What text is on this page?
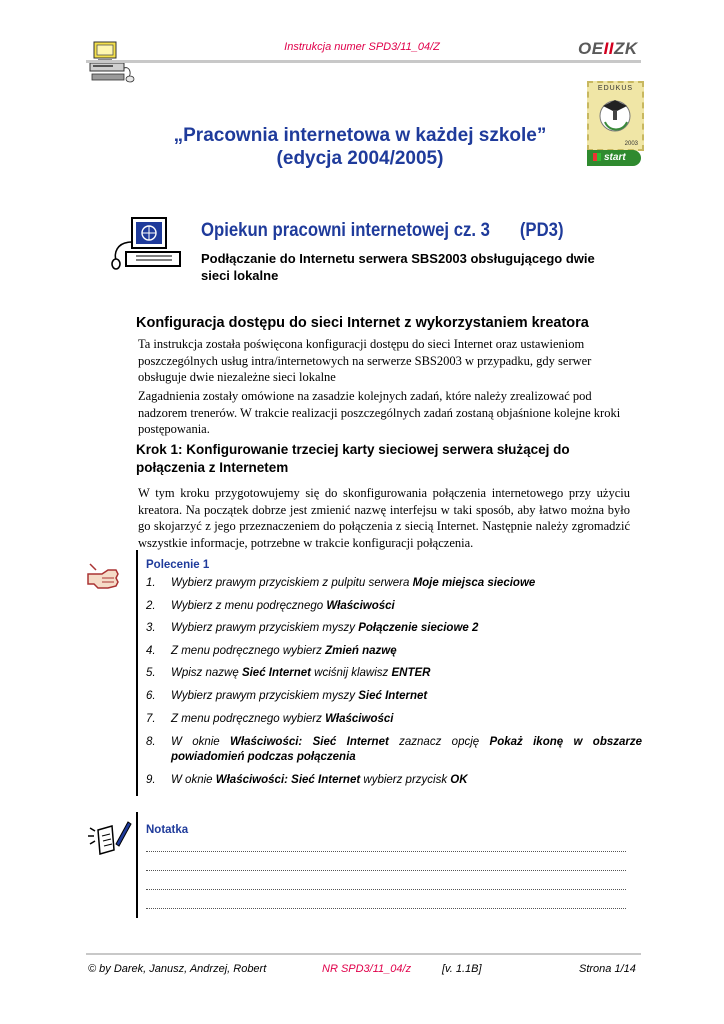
Instrukcja numer SPD3/11_04/Z	OEIIZK
EDUKUS
2003
start
„Pracownia internetowa w każdej szkole”
(edycja 2004/2005)
Opiekun pracowni internetowej cz. 3 (PD3)
Podłączanie do Internetu serwera SBS2003 obsługującego dwie sieci lokalne
Konfiguracja dostępu do sieci Internet z wykorzystaniem kreatora
Ta instrukcja została poświęcona konfiguracji dostępu do sieci Internet oraz ustawieniom poszczególnych usług intra/internetowych na serwerze SBS2003 w przypadku, gdy serwer obsługuje dwie niezależne sieci lokalne
Zagadnienia zostały omówione na zasadzie kolejnych zadań, które należy zrealizować pod nadzorem trenerów. W trakcie realizacji poszczególnych zadań zostaną objaśnione kolejne kroki postępowania.
Krok 1: Konfigurowanie trzeciej karty sieciowej serwera służącej do połączenia z Internetem
W tym kroku przygotowujemy się do skonfigurowania połączenia internetowego przy użyciu kreatora. Na początek dobrze jest zmienić nazwę interfejsu w taki sposób, aby łatwo można było go skojarzyć z jego przeznaczeniem do połączenia z siecią Internet. Następnie należy zgromadzić wszystkie informacje, potrzebne w trakcie konfiguracji połączenia.
Polecenie 1
1. Wybierz prawym przyciskiem z pulpitu serwera Moje miejsca sieciowe
2. Wybierz z menu podręcznego Właściwości
3. Wybierz prawym przyciskiem myszy Połączenie sieciowe 2
4. Z menu podręcznego wybierz Zmień nazwę
5. Wpisz nazwę Sieć Internet wciśnij klawisz ENTER
6. Wybierz prawym przyciskiem myszy Sieć Internet
7. Z menu podręcznego wybierz Właściwości
8. W oknie Właściwości: Sieć Internet zaznacz opcję Pokaż ikonę w obszarze powiadomień podczas połączenia
9. W oknie Właściwości: Sieć Internet wybierz przycisk OK
Notatka
© by Darek, Janusz, Andrzej, Robert	NR SPD3/11_04/z	[v. 1.1B]	Strona 1/14
